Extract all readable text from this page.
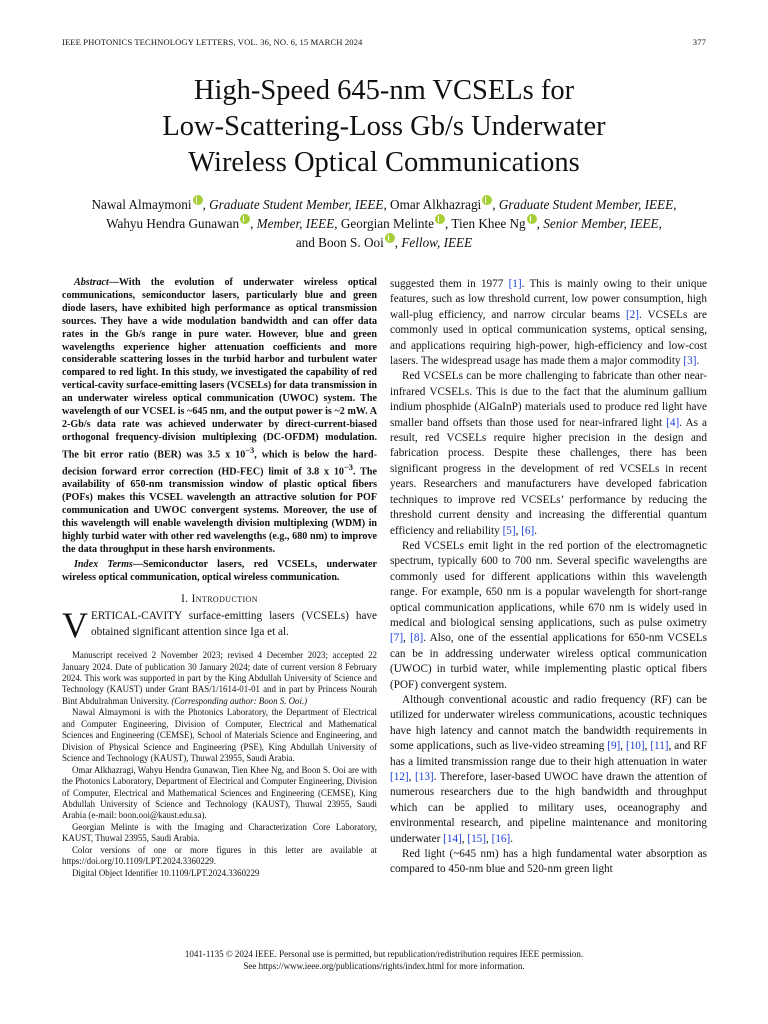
IEEE PHOTONICS TECHNOLOGY LETTERS, VOL. 36, NO. 6, 15 MARCH 2024	377
High-Speed 645-nm VCSELs for
Low-Scattering-Loss Gb/s Underwater
Wireless Optical Communications
Nawal Almaymoni , Graduate Student Member, IEEE, Omar Alkhazragi , Graduate Student Member, IEEE,
Wahyu Hendra Gunawan , Member, IEEE, Georgian Melinte , Tien Khee Ng , Senior Member, IEEE,
and Boon S. Ooi , Fellow, IEEE
Abstract—With the evolution of underwater wireless optical communications, semiconductor lasers, particularly blue and green diode lasers, have exhibited high performance as optical transmission sources. They have a wide modulation bandwidth and can offer data rates in the Gb/s range in pure water. However, blue and green wavelengths experience higher attenuation coefficients and more considerable scattering losses in the turbid harbor and turbulent water compared to red light. In this study, we investigated the capability of red vertical-cavity surface-emitting lasers (VCSELs) for data transmission in an underwater wireless optical communication (UWOC) system. The wavelength of our VCSEL is ~645 nm, and the output power is ~2 mW. A 2-Gb/s data rate was achieved underwater by direct-current-biased orthogonal frequency-division multiplexing (DC-OFDM) modulation. The bit error ratio (BER) was 3.5 x $10^{-3}$, which is below the hard-decision forward error correction (HD-FEC) limit of 3.8 x $10^{-3}$. The availability of 650-nm transmission window of plastic optical fibers (POFs) makes this VCSEL wavelength an attractive solution for POF communication and UWOC convergent systems. Moreover, the use of this wavelength will enable wavelength division multiplexing (WDM) in highly turbid water with other red wavelengths (e.g., 680 nm) to improve the data throughput in these harsh environments.
Index Terms—Semiconductor lasers, red VCSELs, underwater wireless optical communication, optical wireless communication.
I. Introduction
VERTICAL-CAVITY surface-emitting lasers (VCSELs) have obtained significant attention since Iga et al.

Manuscript received 2 November 2023; revised 4 December 2023; accepted 22 January 2024. Date of publication 30 January 2024; date of current version 8 February 2024. This work was supported in part by the King Abdullah University of Science and Technology (KAUST) under Grant BAS/1/1614-01-01 and in part by Princess Nourah Bint Abdulrahman University. (Corresponding author: Boon S. Ooi.)

Nawal Almaymoni is with the Photonics Laboratory, the Department of Electrical and Computer Engineering, Division of Computer, Electrical and Mathematical Sciences and Engineering (CEMSE), School of Materials Science and Engineering, and Division of Physical Science and Engineering (PSE), King Abdullah University of Science and Technology (KAUST), Thuwal 23955, Saudi Arabia.

Omar Alkhazragi, Wahyu Hendra Gunawan, Tien Khee Ng, and Boon S. Ooi are with the Photonics Laboratory, Department of Electrical and Computer Engineering, Division of Computer, Electrical and Mathematical Sciences and Engineering (CEMSE), King Abdullah University of Science and Technology (KAUST), Thuwal 23955, Saudi Arabia (e-mail: boon.ooi@kaust.edu.sa).

Georgian Melinte is with the Imaging and Characterization Core Laboratory, KAUST, Thuwal 23955, Saudi Arabia.

Color versions of one or more figures in this letter are available at https://doi.org/10.1109/LPT.2024.3360229.

Digital Object Identifier 10.1109/LPT.2024.3360229

suggested them in 1977 [1]. This is mainly owing to their unique features, such as low threshold current, low power consumption, high wall-plug efficiency, and narrow circular beams [2]. VCSELs are commonly used in optical communication systems, optical sensing, and applications requiring high-power, high-efficiency and low-cost lasers. The widespread usage has made them a major commodity [3].

Red VCSELs can be more challenging to fabricate than other near-infrared VCSELs. This is due to the fact that the aluminum gallium indium phosphide (AlGaInP) materials used to produce red light have smaller band offsets than those used for near-infrared light [4]. As a result, red VCSELs require higher precision in the design and fabrication process. Despite these challenges, there has been significant progress in the development of red VCSELs in recent years. Researchers and manufacturers have developed fabrication techniques to improve red VCSELs’ performance by reducing the threshold current density and increasing the differential quantum efficiency and reliability [5], [6].

Red VCSELs emit light in the red portion of the electromagnetic spectrum, typically 600 to 700 nm. Several specific wavelengths are commonly used for different applications within this wavelength range. For example, 650 nm is a popular wavelength for short-range optical communication applications, while 670 nm is widely used in medical and biological sensing applications, such as pulse oximetry [7], [8]. Also, one of the essential applications for 650-nm VCSELs can be in addressing underwater wireless optical communication (UWOC) in turbid water, while implementing plastic optical fibers (POF) convergent system.

Although conventional acoustic and radio frequency (RF) can be utilized for underwater wireless communications, acoustic techniques have high latency and cannot match the bandwidth requirements in some applications, such as live-video streaming [9], [10], [11], and RF has a limited transmission range due to their high attenuation in water [12], [13]. Therefore, laser-based UWOC have drawn the attention of numerous researchers due to the high bandwidth and throughput which can be applied to military uses, oceanography and environmental research, and pipeline maintenance and monitoring underwater [14], [15], [16].

Red light (~645 nm) has a high fundamental water absorption as compared to 450-nm blue and 520-nm green light

1041-1135 © 2024 IEEE. Personal use is permitted, but republication/redistribution requires IEEE permission.
See https://www.ieee.org/publications/rights/index.html for more information.
